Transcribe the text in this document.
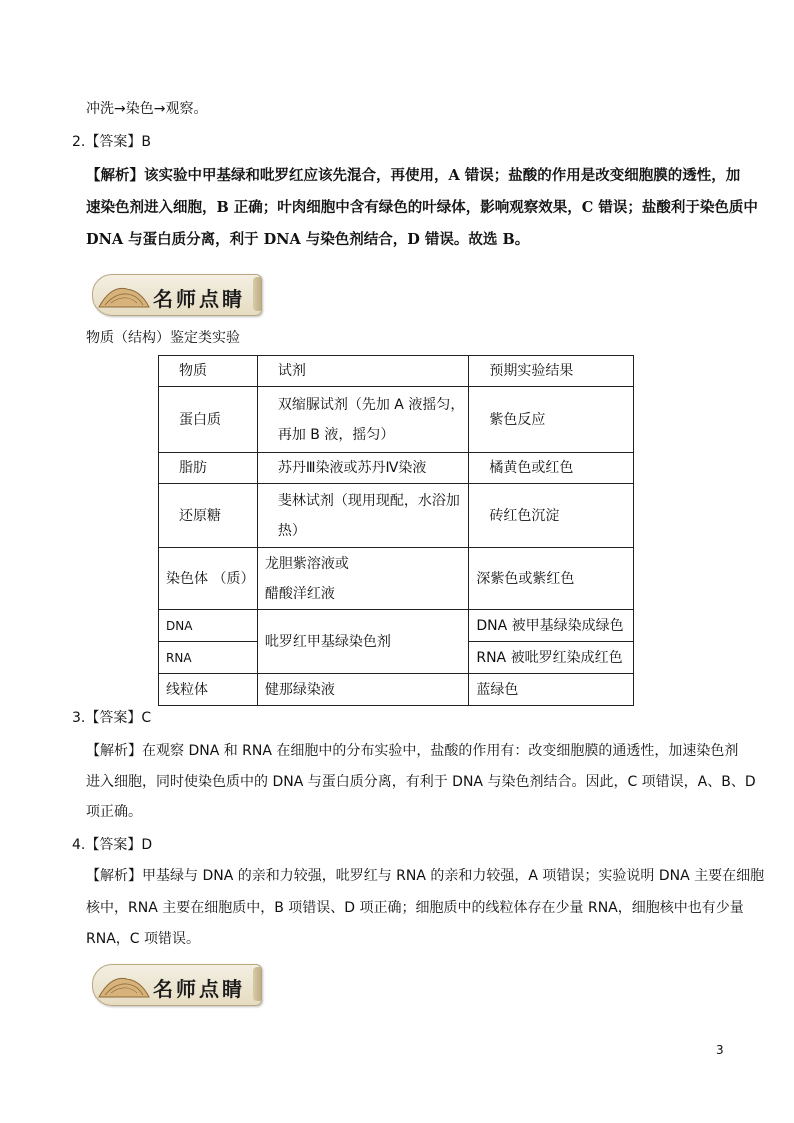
冲洗→染色→观察。
2.【答案】B
【解析】该实验中甲基绿和吡罗红应该先混合，再使用，A 错误；盐酸的作用是改变细胞膜的透性，加
速染色剂进入细胞，B 正确；叶肉细胞中含有绿色的叶绿体，影响观察效果，C 错误；盐酸利于染色质中
DNA 与蛋白质分离，利于 DNA 与染色剂结合，D 错误。故选 B。
名师点睛
物质（结构）鉴定类实验
物质	试剂	预期实验结果
蛋白质	双缩脲试剂（先加 A 液摇匀，
再加 B 液，摇匀）	紫色反应
脂肪	苏丹Ⅲ染液或苏丹Ⅳ染液	橘黄色或红色
还原糖	斐林试剂（现用现配，水浴加
热）	砖红色沉淀
染色体 （质）	龙胆紫溶液或
醋酸洋红液	深紫色或紫红色
DNA	吡罗红甲基绿染色剂	DNA 被甲基绿染成绿色
RNA		RNA 被吡罗红染成红色
线粒体	健那绿染液	蓝绿色
3.【答案】C
【解析】在观察 DNA 和 RNA 在细胞中的分布实验中，盐酸的作用有：改变细胞膜的通透性，加速染色剂
进入细胞，同时使染色质中的 DNA 与蛋白质分离，有利于 DNA 与染色剂结合。因此，C 项错误，A、B、D
项正确。
4.【答案】D
【解析】甲基绿与 DNA 的亲和力较强，吡罗红与 RNA 的亲和力较强，A 项错误；实验说明 DNA 主要在细胞
核中，RNA 主要在细胞质中，B 项错误、D 项正确；细胞质中的线粒体存在少量 RNA，细胞核中也有少量
RNA，C 项错误。
名师点睛
3
